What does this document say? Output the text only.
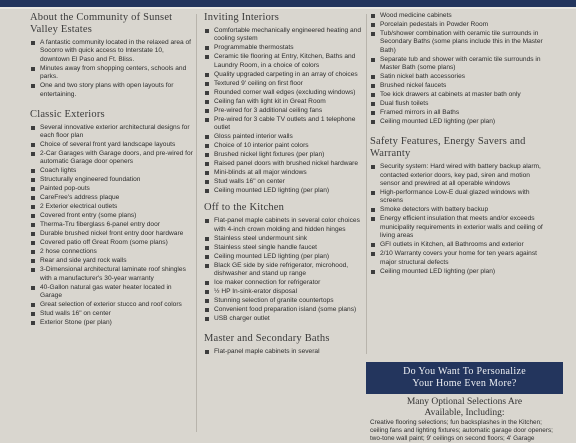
About the Community of Sunset Valley Estates
A fantastic community located in the relaxed area of Socorro with quick access to Interstate 10, downtown El Paso and Ft. Bliss.
Minutes away from shopping centers, schools and parks.
One and two story plans with open layouts for entertaining.
Classic Exteriors
Several innovative exterior architectural designs for each floor plan
Choice of several front yard landscape layouts
2-Car Garages with Garage doors, and pre-wired for automatic Garage door openers
Coach lights
Structurally engineered foundation
Painted pop-outs
CareFree's address plaque
2 Exterior electrical outlets
Covered front entry (some plans)
Therma-Tru fiberglass 6-panel entry door
Durable brushed nickel front entry door hardware
Covered patio off Great Room (some plans)
2 hose connections
Rear and side yard rock walls
3-Dimensional architectural laminate roof shingles with a manufacturer's 30-year warranty
40-Gallon natural gas water heater located in Garage
Great selection of exterior stucco and roof colors
Stud walls 16" on center
Exterior Stone (per plan)
Inviting Interiors
Comfortable mechanically engineered heating and cooling system
Programmable thermostats
Ceramic tile flooring at Entry, Kitchen, Baths and Laundry Room, in a choice of colors
Quality upgraded carpeting in an array of choices
Textured 9' ceiling on first floor
Rounded corner wall edges (excluding windows)
Ceiling fan with light kit in Great Room
Pre-wired for 3 additional ceiling fans
Pre-wired for 3 cable TV outlets and 1 telephone outlet
Gloss painted interior walls
Choice of 10 interior paint colors
Brushed nickel light fixtures (per plan)
Raised panel doors with brushed nickel hardware
Mini-blinds at all major windows
Stud walls 16" on center
Ceiling mounted LED lighting (per plan)
Off to the Kitchen
Flat-panel maple cabinets in several color choices with 4-inch crown molding and hidden hinges
Stainless steel undermount sink
Stainless steel single handle faucet
Ceiling mounted LED lighting (per plan)
Black GE side by side refrigerator, microhood, dishwasher and stand up range
Ice maker connection for refrigerator
½ HP In-sink-erator disposal
Stunning selection of granite countertops
Convenient food preparation island (some plans)
USB charger outlet
Master and Secondary Baths
Flat-panel maple cabinets in several
Wood medicine cabinets
Porcelain pedestals in Powder Room
Tub/shower combination with ceramic tile surrounds in Secondary Baths (some plans include this in the Master Bath)
Separate tub and shower with ceramic tile surrounds in Master Bath (some plans)
Satin nickel bath accessories
Brushed nickel faucets
Toe kick drawers at cabinets at master bath only
Dual flush toilets
Framed mirrors in all Baths
Ceiling mounted LED lighting (per plan)
Safety Features, Energy Savers and Warranty
Security system: Hard wired with battery backup alarm, contacted exterior doors, key pad, siren and motion sensor and prewired at all operable windows
High-performance Low-E dual glazed windows with screens
Smoke detectors with battery backup
Energy efficient insulation that meets and/or exceeds municipality requirements in exterior walls and ceiling of living areas
GFI outlets in Kitchen, all Bathrooms and exterior
2/10 Warranty covers your home for ten years against major structural defects
Ceiling mounted LED lighting (per plan)
Do You Want To Personalize
Your Home Even More?
Many Optional Selections Are
Available, Including:
Creative flooring selections; fun backsplashes in the Kitchen; ceiling fans and lighting fixtures; automatic garage door openers; two-tone wall paint; 9' ceilings on second floors; 4' Garage
